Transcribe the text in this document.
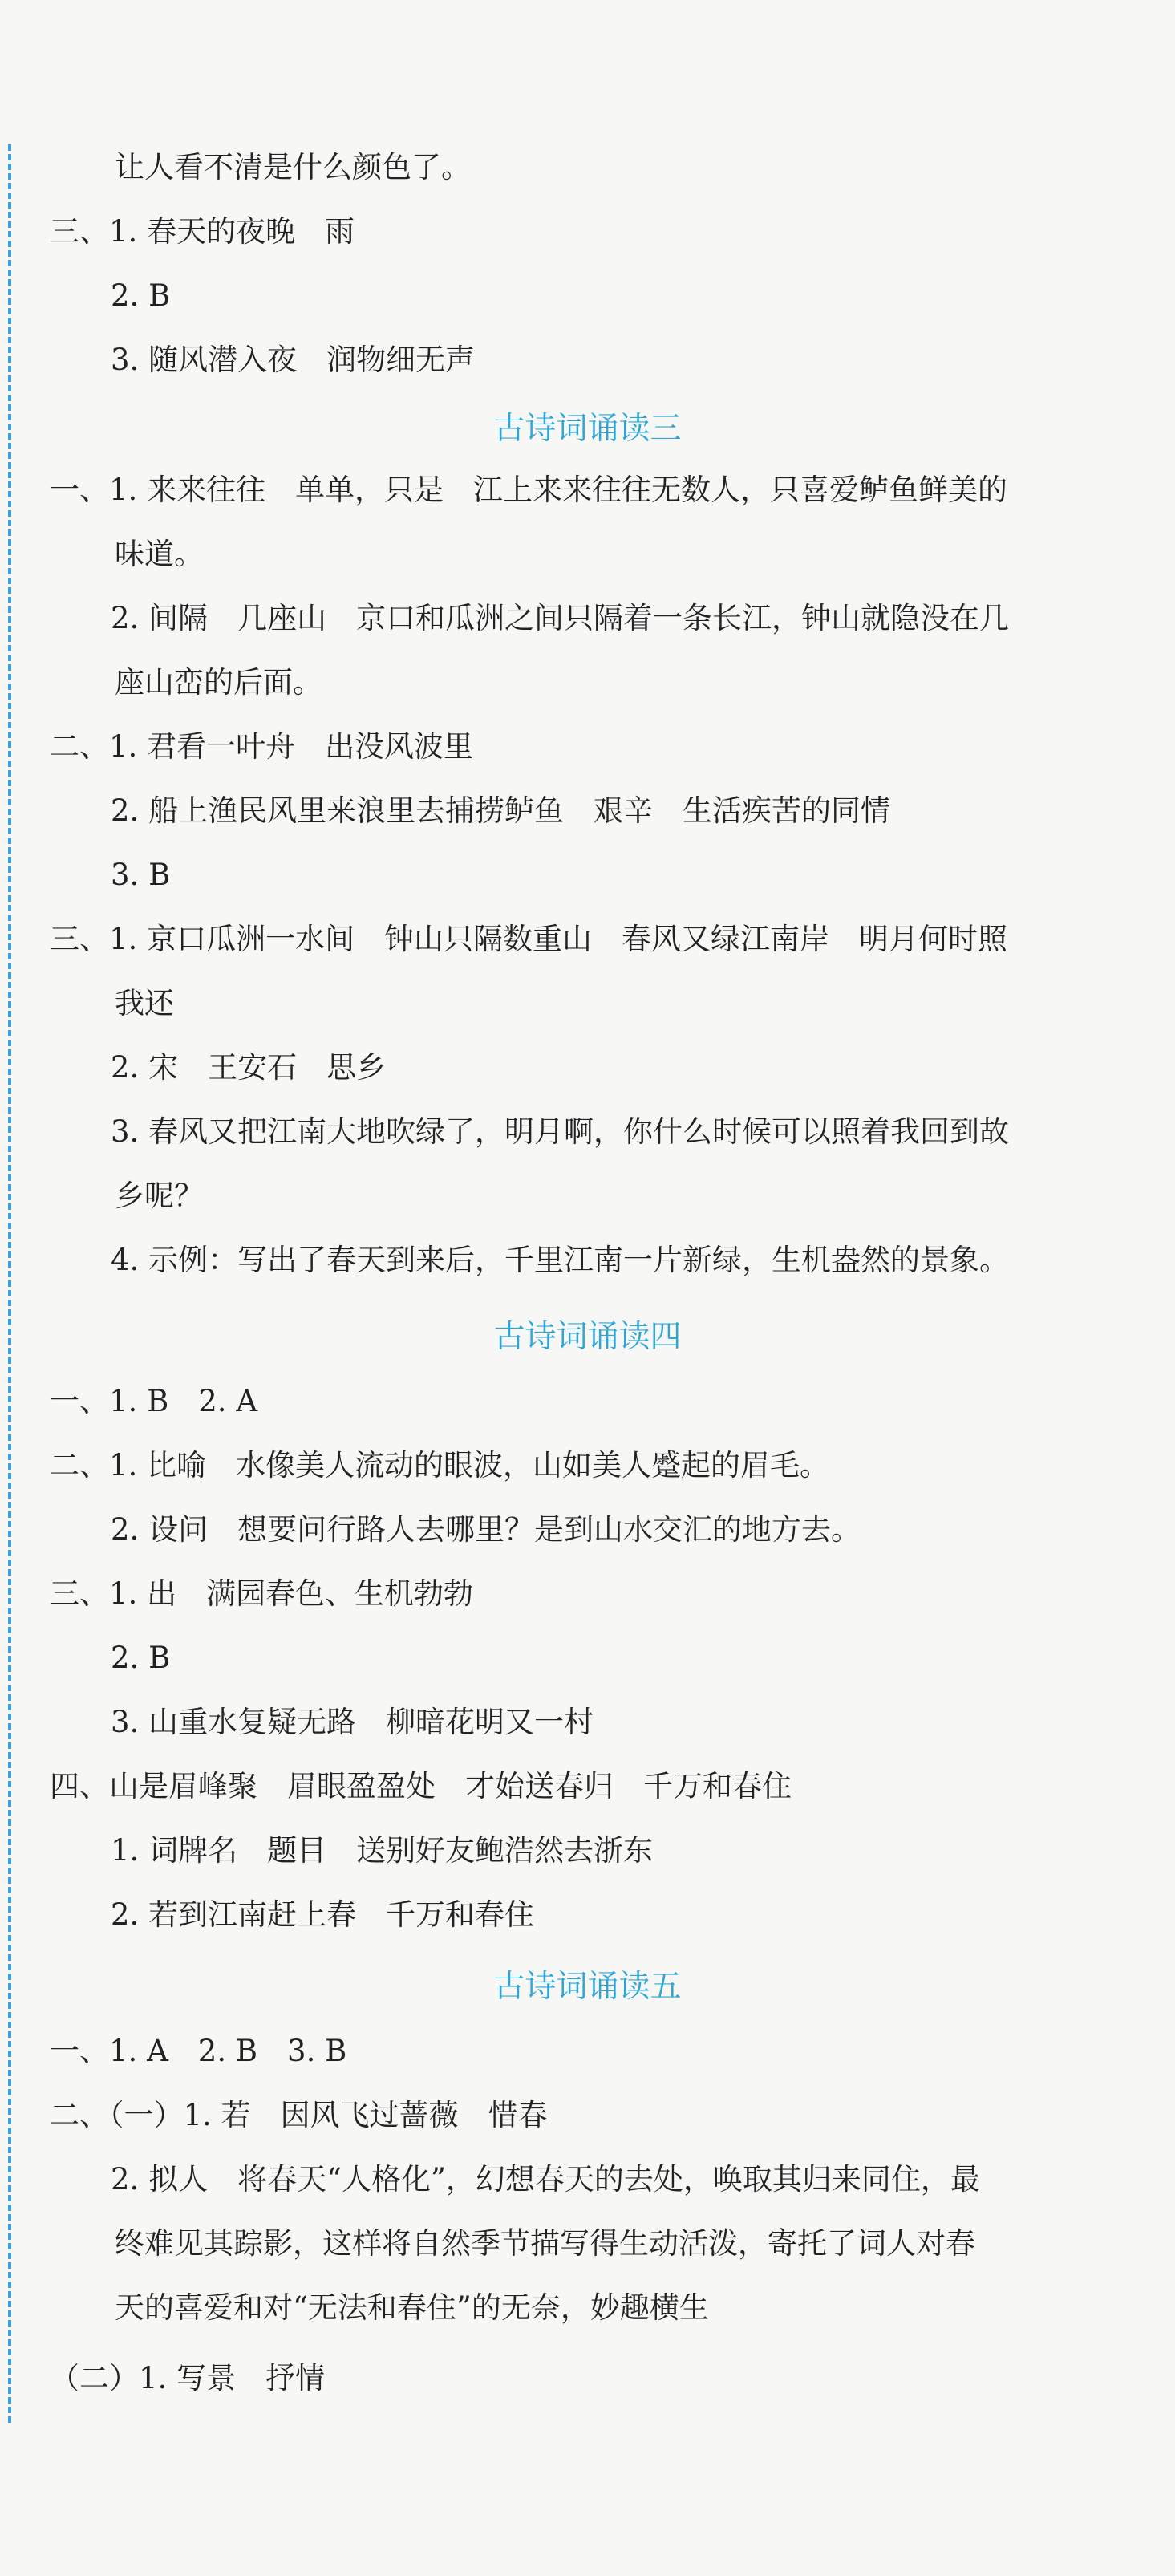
让人看不清是什么颜色了。
三、1. 春天的夜晚　雨
2. B
3. 随风潜入夜　润物细无声
古诗词诵读三
一、1. 来来往往　单单，只是　江上来来往往无数人，只喜爱鲈鱼鲜美的
味道。
2. 间隔　几座山　京口和瓜洲之间只隔着一条长江，钟山就隐没在几
座山峦的后面。
二、1. 君看一叶舟　出没风波里
2. 船上渔民风里来浪里去捕捞鲈鱼　艰辛　生活疾苦的同情
3. B
三、1. 京口瓜洲一水间　钟山只隔数重山　春风又绿江南岸　明月何时照
我还
2. 宋　王安石　思乡
3. 春风又把江南大地吹绿了，明月啊，你什么时候可以照着我回到故
乡呢？
4. 示例：写出了春天到来后，千里江南一片新绿，生机盎然的景象。
古诗词诵读四
一、1. B　2. A
二、1. 比喻　水像美人流动的眼波，山如美人蹙起的眉毛。
2. 设问　想要问行路人去哪里？是到山水交汇的地方去。
三、1. 出　满园春色、生机勃勃
2. B
3. 山重水复疑无路　柳暗花明又一村
四、山是眉峰聚　眉眼盈盈处　才始送春归　千万和春住
1. 词牌名　题目　送别好友鲍浩然去浙东
2. 若到江南赶上春　千万和春住
古诗词诵读五
一、1. A　2. B　3. B
二、（一）1. 若　因风飞过蔷薇　惜春
2. 拟人　将春天“人格化”，幻想春天的去处，唤取其归来同住，最
终难见其踪影，这样将自然季节描写得生动活泼，寄托了词人对春
天的喜爱和对“无法和春住”的无奈，妙趣横生
（二）1. 写景　抒情
